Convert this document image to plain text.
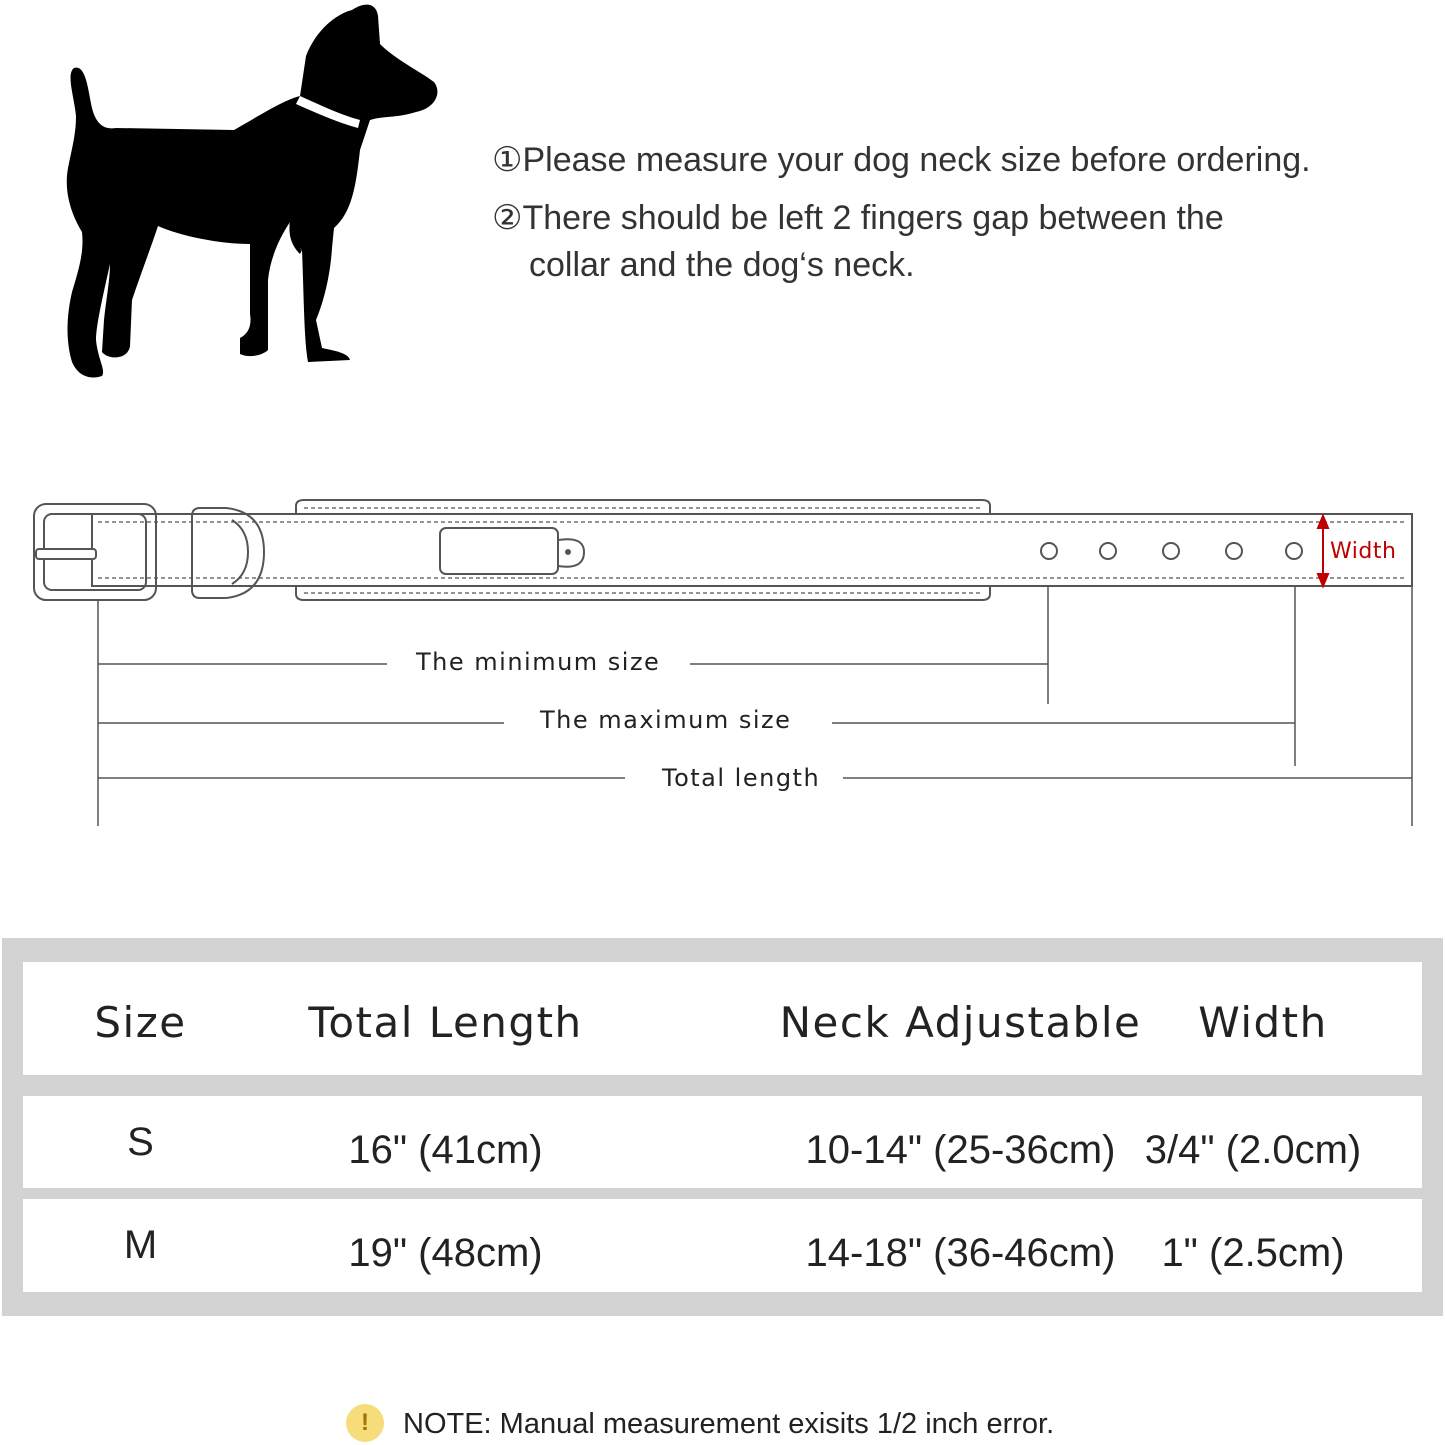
①Please measure your dog neck size before ordering.
②There should be left 2 fingers gap between the
collar and the dog‘s neck.
The minimum size
The maximum size
Total length
Width
Size	Total Length	Neck Adjustable	Width
S	16" (41cm)	10-14" (25-36cm) 3/4" (2.0cm)
M	19" (48cm)	14-18" (36-46cm)	1" (2.5cm)
!	NOTE: Manual measurement exisits 1/2 inch error.
